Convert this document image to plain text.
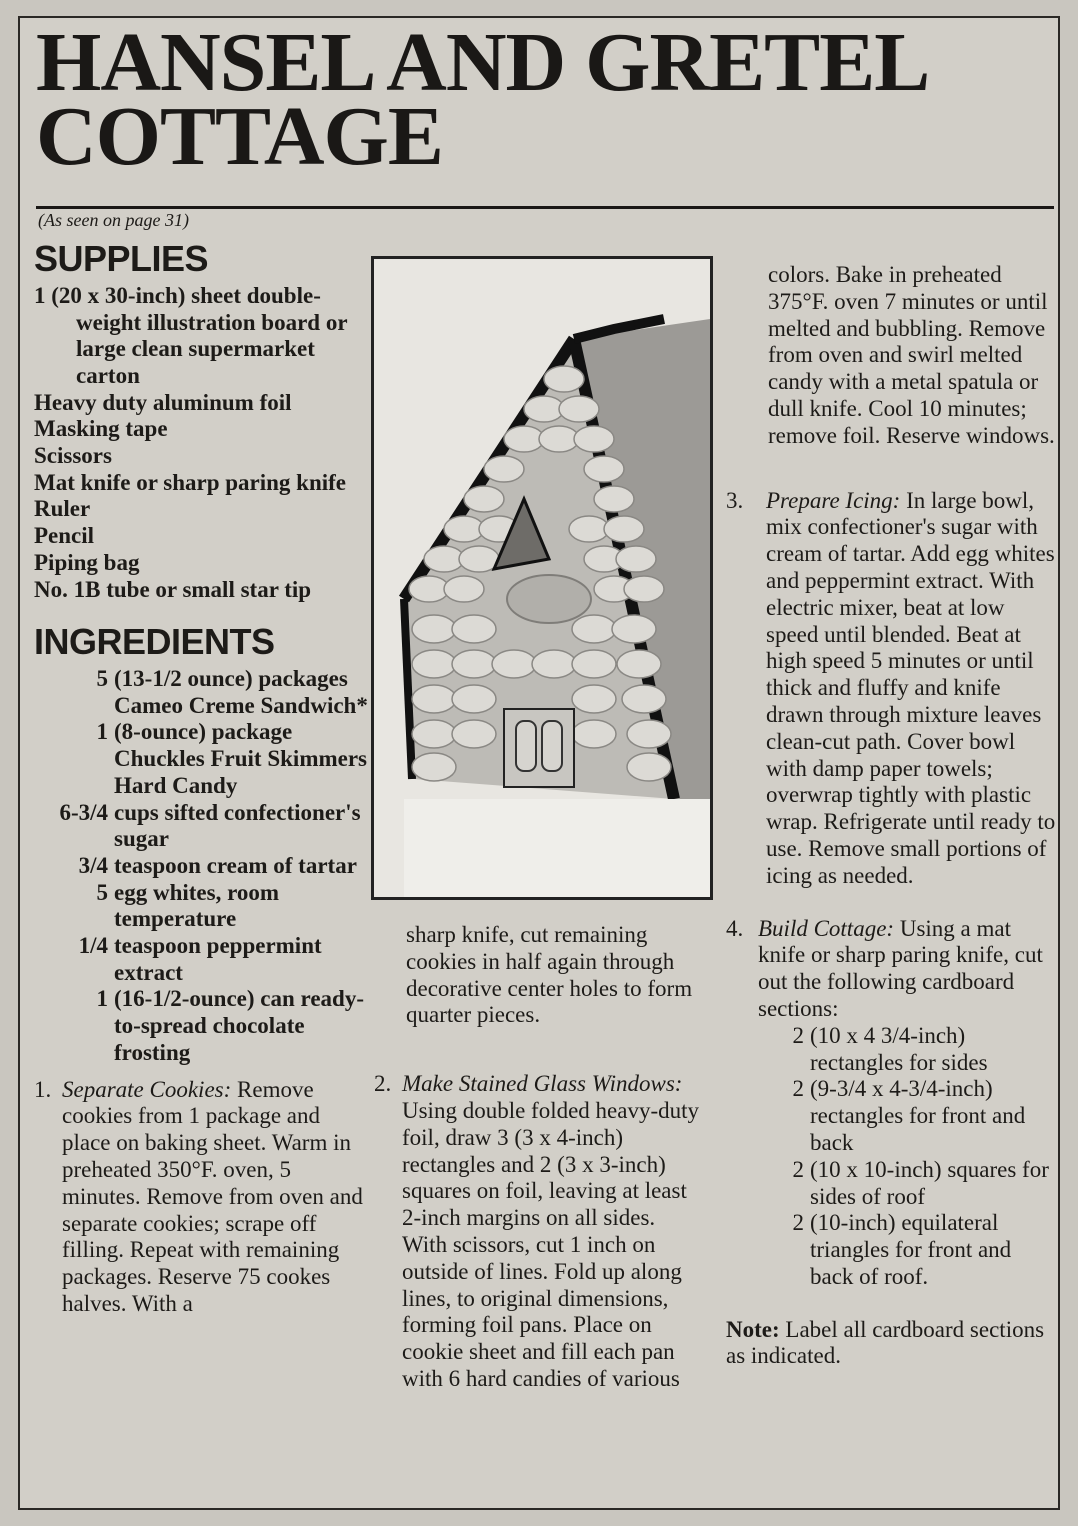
HANSEL AND GRETEL
COTTAGE
(As seen on page 31)
SUPPLIES
1 (20 x 30-inch) sheet double-weight illustration board or large clean supermarket carton
Heavy duty aluminum foil
Masking tape
Scissors
Mat knife or sharp paring knife
Ruler
Pencil
Piping bag
No. 1B tube or small star tip
INGREDIENTS
5 (13-1/2 ounce) packages Cameo Creme Sandwich*
1 (8-ounce) package Chuckles Fruit Skimmers Hard Candy
6-3/4 cups sifted confectioner's sugar
3/4 teaspoon cream of tartar
5 egg whites, room temperature
1/4 teaspoon peppermint extract
1 (16-1/2-ounce) can ready-to-spread chocolate frosting
1. Separate Cookies: Remove cookies from 1 package and place on baking sheet. Warm in preheated 350°F. oven, 5 minutes. Remove from oven and separate cookies; scrape off filling. Repeat with remaining packages. Reserve 75 cookes halves. With a
sharp knife, cut remaining cookies in half again through decorative center holes to form quarter pieces.
2. Make Stained Glass Windows: Using double folded heavy-duty foil, draw 3 (3 x 4-inch) rectangles and 2 (3 x 3-inch) squares on foil, leaving at least 2-inch margins on all sides. With scissors, cut 1 inch on outside of lines. Fold up along lines, to original dimensions, forming foil pans. Place on cookie sheet and fill each pan with 6 hard candies of various
colors. Bake in preheated 375°F. oven 7 minutes or until melted and bubbling. Remove from oven and swirl melted candy with a metal spatula or dull knife. Cool 10 minutes; remove foil. Reserve windows.
3. Prepare Icing: In large bowl, mix confectioner's sugar with cream of tartar. Add egg whites and peppermint extract. With electric mixer, beat at low speed until blended. Beat at high speed 5 minutes or until thick and fluffy and knife drawn through mixture leaves clean-cut path. Cover bowl with damp paper towels; overwrap tightly with plastic wrap. Refrigerate until ready to use. Remove small portions of icing as needed.
4. Build Cottage: Using a mat knife or sharp paring knife, cut out the following cardboard sections:
2 (10 x 4 3/4-inch) rectangles for sides
2 (9-3/4 x 4-3/4-inch) rectangles for front and back
2 (10 x 10-inch) squares for sides of roof
2 (10-inch) equilateral triangles for front and back of roof.
Note: Label all cardboard sections as indicated.
